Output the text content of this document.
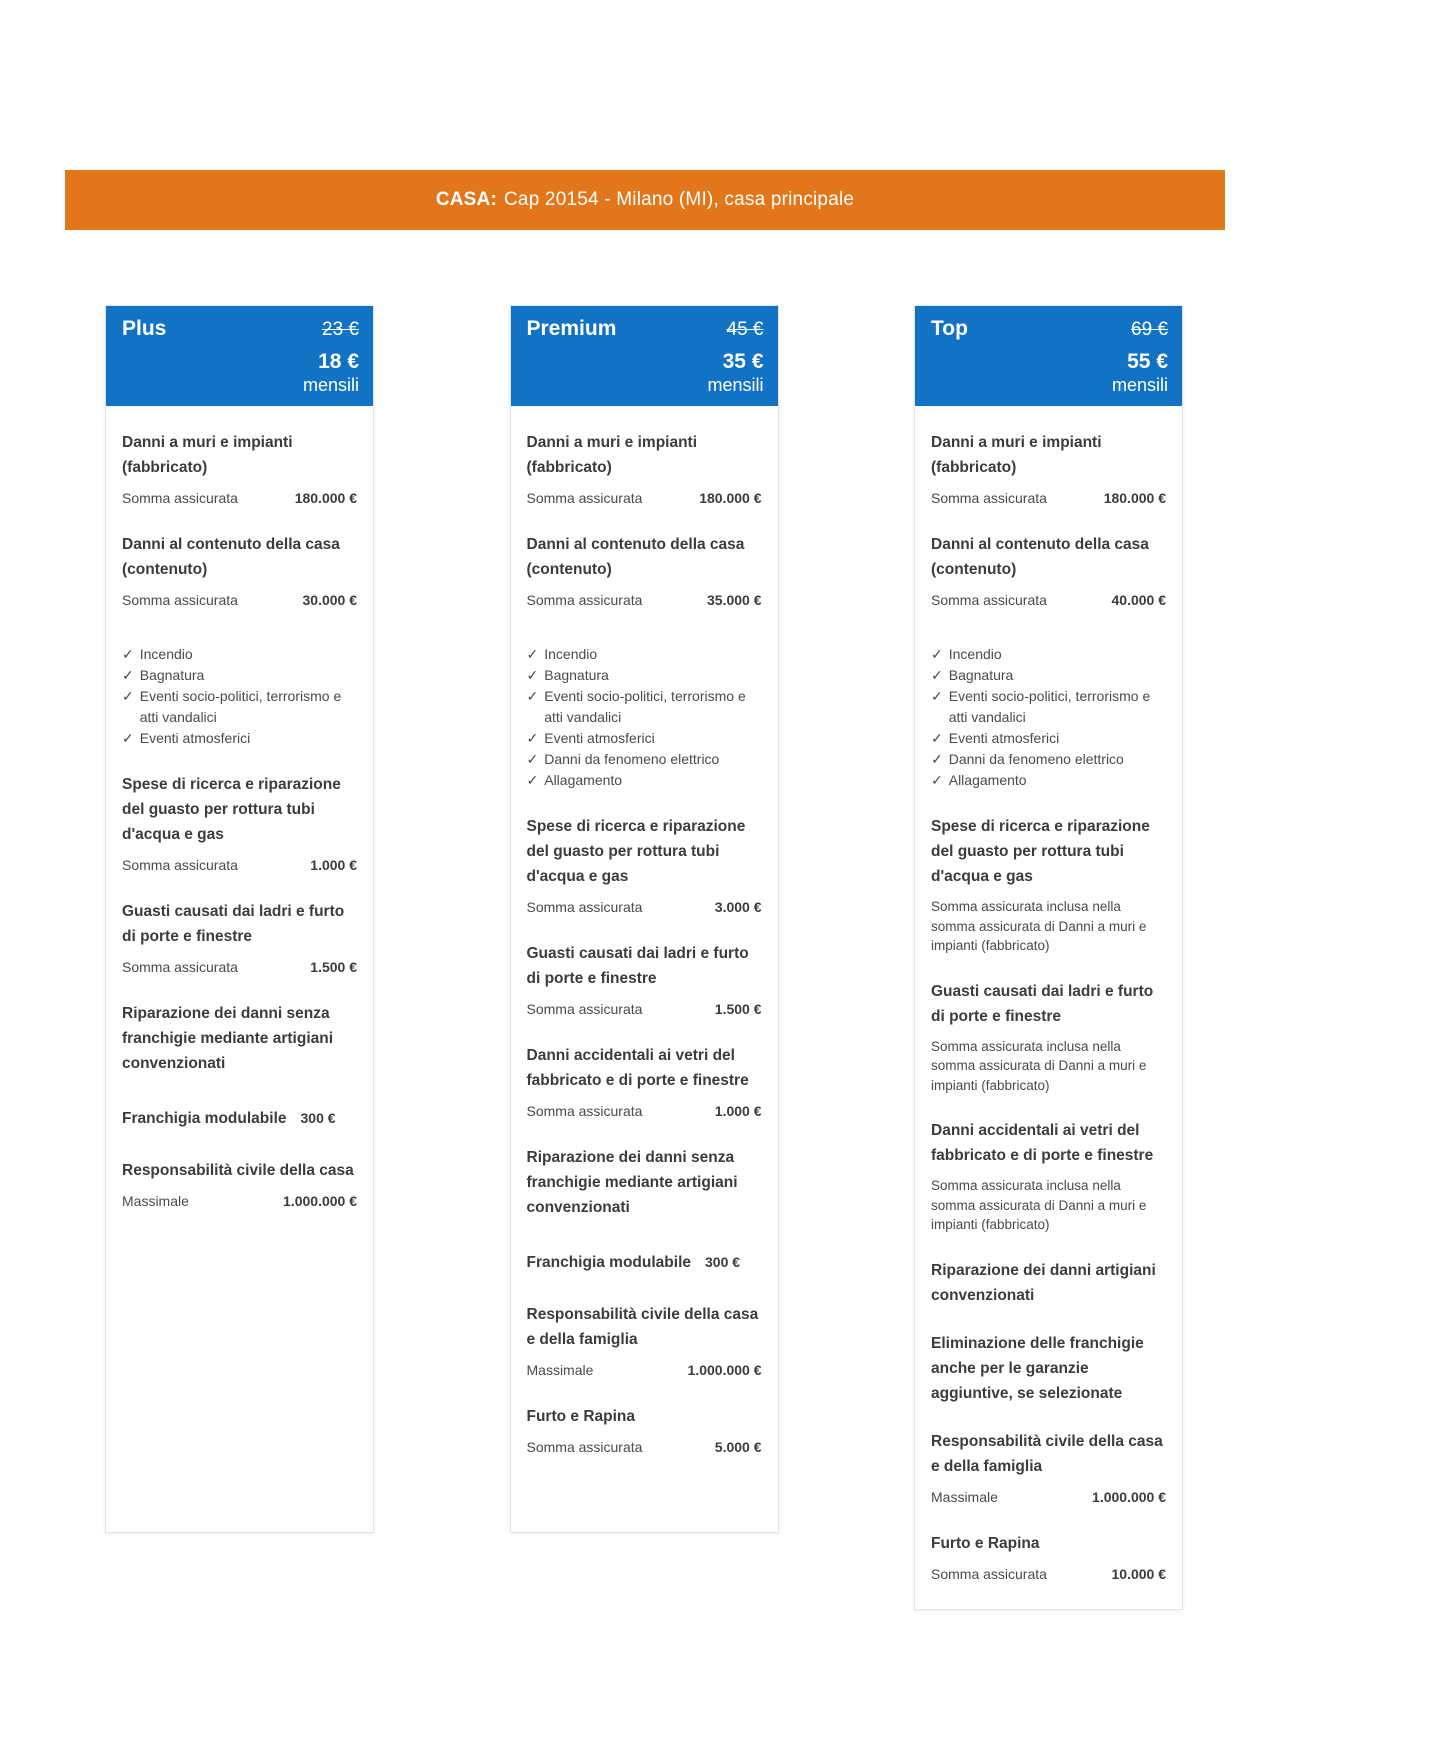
CASA: Cap 20154 - Milano (MI), casa principale
Plus	23 €
18 €
mensili
Danni a muri e impianti (fabbricato)
Somma assicurata	180.000 €
Danni al contenuto della casa (contenuto)
Somma assicurata	30.000 €
✓ Incendio
✓ Bagnatura
✓ Eventi socio-politici, terrorismo e atti vandalici
✓ Eventi atmosferici
Spese di ricerca e riparazione del guasto per rottura tubi d'acqua e gas
Somma assicurata	1.000 €
Guasti causati dai ladri e furto di porte e finestre
Somma assicurata	1.500 €
Riparazione dei danni senza franchigie mediante artigiani convenzionati
Franchigia modulabile 300 €
Responsabilità civile della casa
Massimale	1.000.000 €
Premium	45 €
35 €
mensili
Danni a muri e impianti (fabbricato)
Somma assicurata	180.000 €
Danni al contenuto della casa (contenuto)
Somma assicurata	35.000 €
✓ Incendio
✓ Bagnatura
✓ Eventi socio-politici, terrorismo e atti vandalici
✓ Eventi atmosferici
✓ Danni da fenomeno elettrico
✓ Allagamento
Spese di ricerca e riparazione del guasto per rottura tubi d'acqua e gas
Somma assicurata	3.000 €
Guasti causati dai ladri e furto di porte e finestre
Somma assicurata	1.500 €
Danni accidentali ai vetri del fabbricato e di porte e finestre
Somma assicurata	1.000 €
Riparazione dei danni senza franchigie mediante artigiani convenzionati
Franchigia modulabile 300 €
Responsabilità civile della casa e della famiglia
Massimale	1.000.000 €
Furto e Rapina
Somma assicurata	5.000 €
Top	69 €
55 €
mensili
Danni a muri e impianti (fabbricato)
Somma assicurata	180.000 €
Danni al contenuto della casa (contenuto)
Somma assicurata	40.000 €
✓ Incendio
✓ Bagnatura
✓ Eventi socio-politici, terrorismo e atti vandalici
✓ Eventi atmosferici
✓ Danni da fenomeno elettrico
✓ Allagamento
Spese di ricerca e riparazione del guasto per rottura tubi d'acqua e gas
Somma assicurata inclusa nella somma assicurata di Danni a muri e impianti (fabbricato)
Guasti causati dai ladri e furto di porte e finestre
Somma assicurata inclusa nella somma assicurata di Danni a muri e impianti (fabbricato)
Danni accidentali ai vetri del fabbricato e di porte e finestre
Somma assicurata inclusa nella somma assicurata di Danni a muri e impianti (fabbricato)
Riparazione dei danni artigiani convenzionati
Eliminazione delle franchigie anche per le garanzie aggiuntive, se selezionate
Responsabilità civile della casa e della famiglia
Massimale	1.000.000 €
Furto e Rapina
Somma assicurata	10.000 €
